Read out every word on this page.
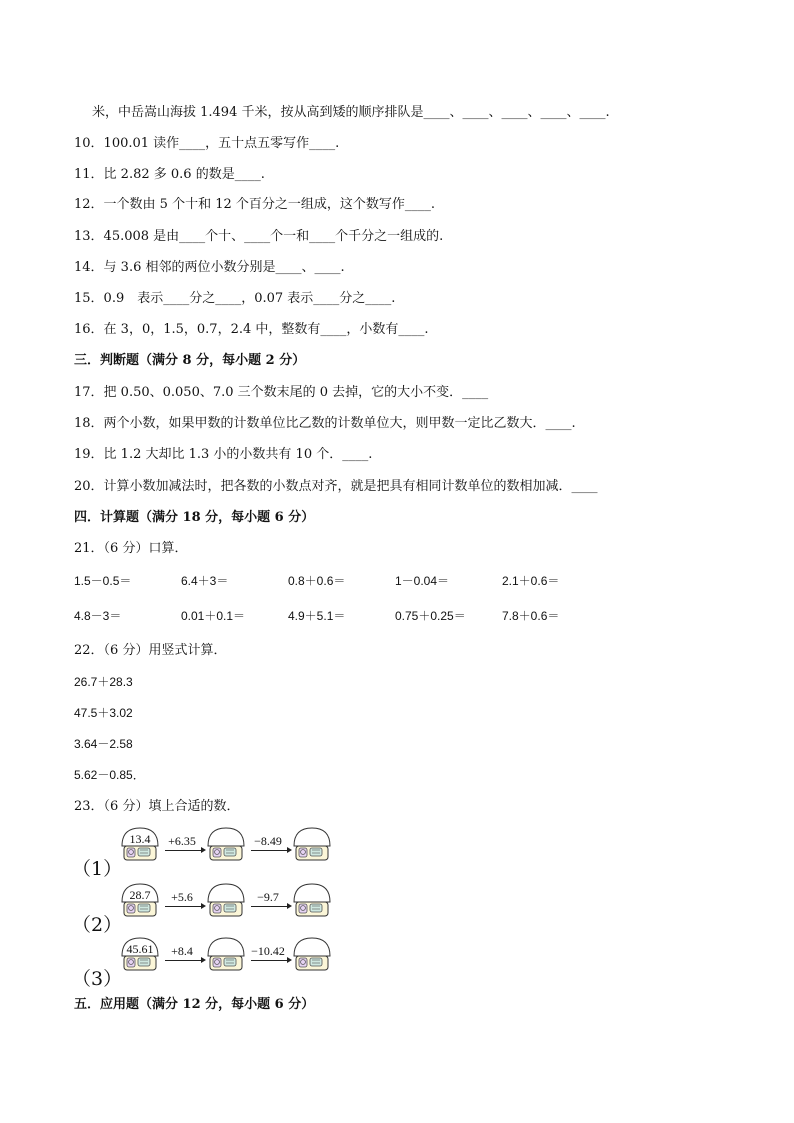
米，中岳嵩山海拔 1.494 千米，按从高到矮的顺序排队是____、____、____、____、____.
10．100.01 读作____，五十点五零写作____.
11．比 2.82 多 0.6 的数是____.
12．一个数由 5 个十和 12 个百分之一组成，这个数写作____.
13．45.008 是由____个十、____个一和____个千分之一组成的.
14．与 3.6 相邻的两位小数分别是____、____.
15．0.9　表示____分之____，0.07 表示____分之____.
16．在 3，0，1.5，0.7，2.4 中，整数有____，小数有____.
三．判断题（满分 8 分，每小题 2 分）
17．把 0.50、0.050、7.0 三个数末尾的 0 去掉，它的大小不变．____
18．两个小数，如果甲数的计数单位比乙数的计数单位大，则甲数一定比乙数大．____.
19．比 1.2 大却比 1.3 小的小数共有 10 个．____.
20．计算小数加减法时，把各数的小数点对齐，就是把具有相同计数单位的数相加减．____
四．计算题（满分 18 分，每小题 6 分）
21．（6 分）口算．
1.5－0.5＝	6.4＋3＝	0.8＋0.6＝	1－0.04＝	2.1＋0.6＝
4.8－3＝	0.01＋0.1＝	4.9＋5.1＝	0.75＋0.25＝	7.8＋0.6＝
22．（6 分）用竖式计算．
26.7＋28.3
47.5＋3.02
3.64－2.58
5.62－0.85．
23．（6 分）填上合适的数．
（1）
13.4	+6.35	−8.49
（2）
28.7	+5.6	−9.7
（3）
45.61	+8.4	−10.42
五．应用题（满分 12 分，每小题 6 分）
